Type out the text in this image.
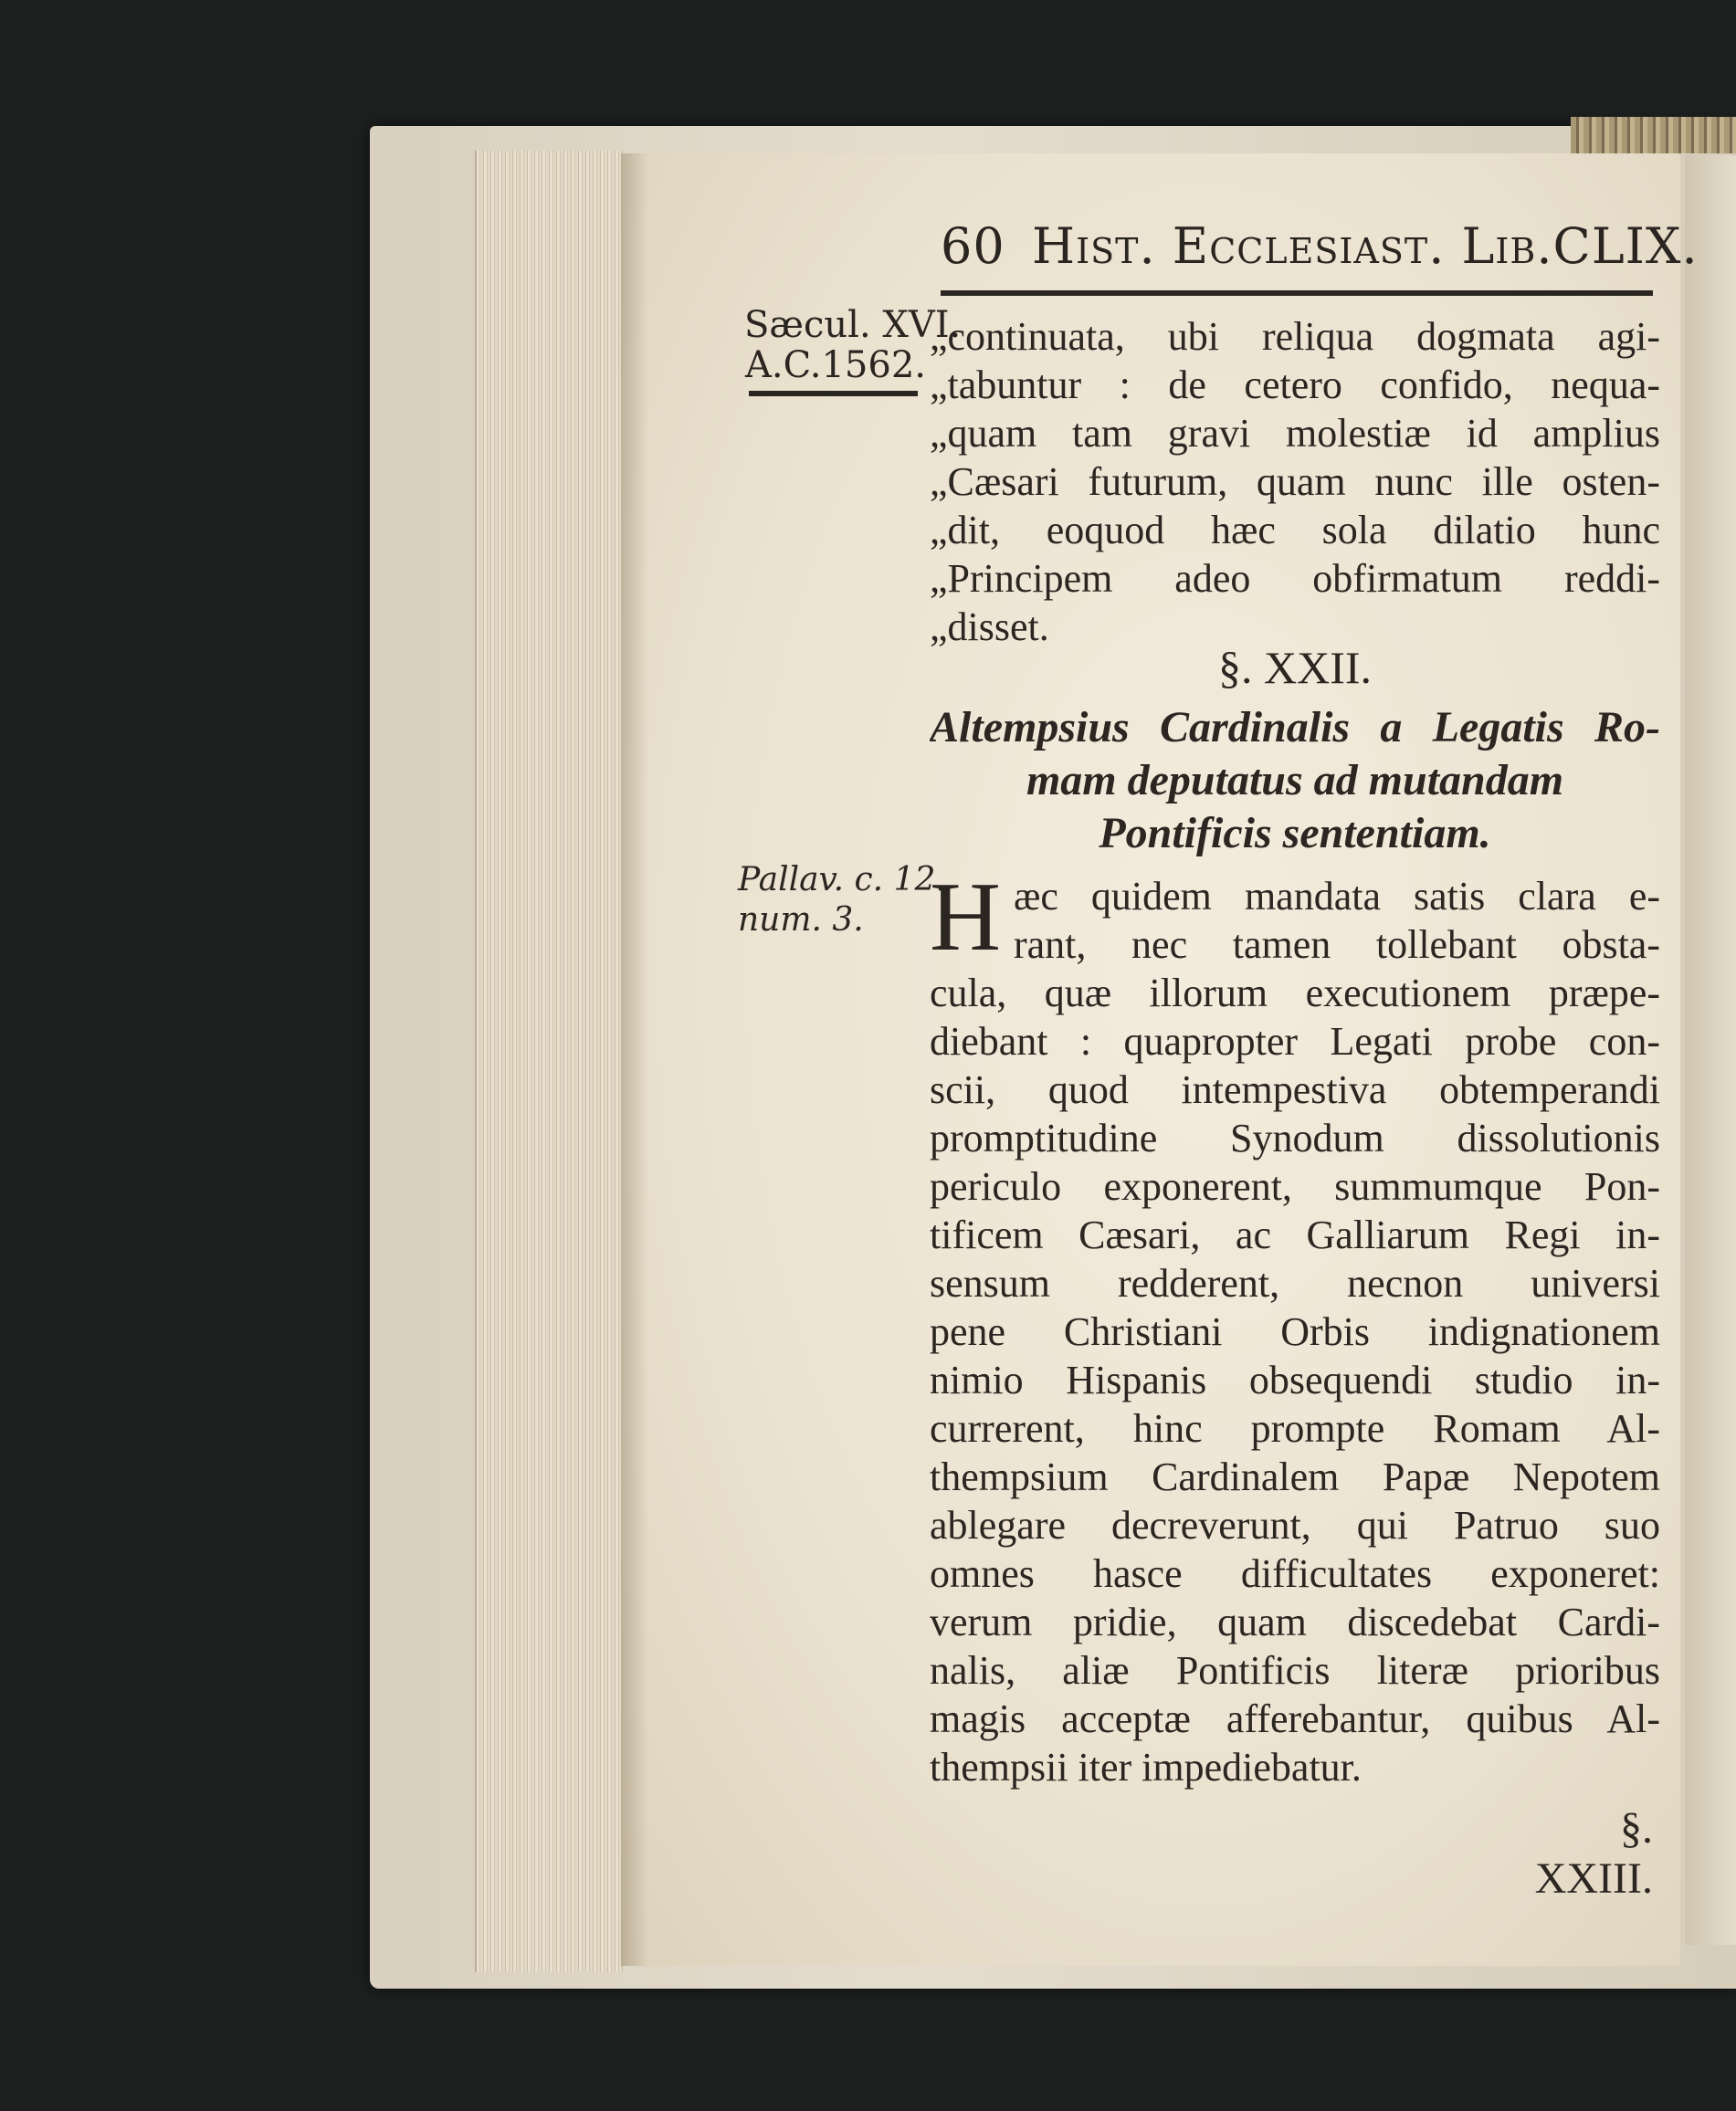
60 Hist. Ecclesiast. Lib.CLIX.
Sæcul. XVI.
A.C.1562.
Pallav. c. 12.
num. 3.
„continuata, ubi reliqua dogmata agi-
„tabuntur : de cetero confido, nequa-
„quam tam gravi molestiæ id amplius
„Cæsari futurum, quam nunc ille osten-
„dit, eoquod hæc sola dilatio hunc
„Principem adeo obfirmatum reddi-
„disset.
§. XXII.
Altempsius Cardinalis a Legatis Ro-
mam deputatus ad mutandam
Pontificis sententiam.
H æc quidem mandata satis clara e-
rant, nec tamen tollebant obsta-
cula, quæ illorum executionem præpe-
diebant : quapropter Legati probe con-
scii, quod intempestiva obtemperandi
promptitudine Synodum dissolutionis
periculo exponerent, summumque Pon-
tificem Cæsari, ac Galliarum Regi in-
sensum redderent, necnon universi
pene Christiani Orbis indignationem
nimio Hispanis obsequendi studio in-
currerent, hinc prompte Romam Al-
thempsium Cardinalem Papæ Nepotem
ablegare decreverunt, qui Patruo suo
omnes hasce difficultates exponeret:
verum pridie, quam discedebat Cardi-
nalis, aliæ Pontificis literæ prioribus
magis acceptæ afferebantur, quibus Al-
thempsii iter impediebatur.
§. XXIII.
